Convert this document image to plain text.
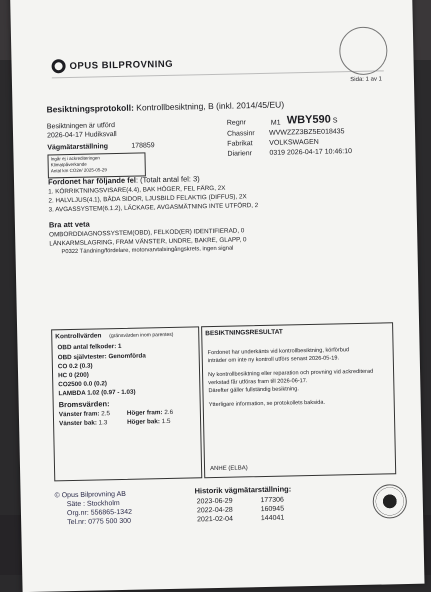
OPUS BILPROVNING
Sida: 1 av 1
Besiktningsprotokoll: Kontrollbesiktning, B (inkl. 2014/45/EU)
Besiktningen är utförd
2026-04-17 Hudiksvall
Vägmätarställning	178859
Ingår ej i ackrediteringen
Klimatpåverkande
Antal km CO2e/ 2025-05-29
Regnr	M1 WBY590 S
Chassinr WVWZZZ3BZ5E018435
Fabrikat VOLKSWAGEN
Diarienr 0319 2026-04-17 10:46:10
Fordonet har följande fel: (Totalt antal fel: 3)
1. KÖRRIKTNINGSVISARE(4.4), BAK HÖGER, FEL FÄRG, 2X
2. HALVLJUS(4.1), BÅDA SIDOR, LJUSBILD FELAKTIG (DIFFUS), 2X
3. AVGASSYSTEM(6.1.2), LÄCKAGE, AVGASMÄTNING INTE UTFÖRD, 2
Bra att veta
OMBORDDIAGNOSSYSTEM(OBD), FELKOD(ER) IDENTIFIERAD, 0
LÄNKARMSLAGRING, FRAM VÄNSTER, UNDRE, BAKRE, GLAPP, 0
P0322 Tändning/fördelare, motorvarvtalsingångskrets, ingen signal
Kontrollvärden (gränsvärden inom parentes)
OBD antal felkoder: 1
OBD självtester: Genomförda
CO 0.2 (0.3)
HC 0 (200)
CO2500 0.0 (0.2)
LAMBDA 1.02 (0.97 - 1.03)
Bromsvärden:
Vänster fram: 2.5	Höger fram: 2.6
Vänster bak: 1.3	Höger bak: 1.5
BESIKTNINGSRESULTAT
Fordonet har underkänts vid kontrollbesiktning, körförbud
inträder om inte ny kontroll utförs senast 2026-05-19.
Ny kontrollbesiktning eller reparation och provning vid ackrediterad
verkstad får utföras fram till 2026-06-17.
Därefter gäller fullständig besiktning.
Ytterligare information, se protokollets baksida.
ANHE (ELBA)
© Opus Bilprovning AB
Säte : Stockholm
Org.nr: 556865-1342
Tel.nr: 0775 500 300
Historik vägmätarställning:
2023-06-29	177306
2022-04-28	160945
2021-02-04	144041
